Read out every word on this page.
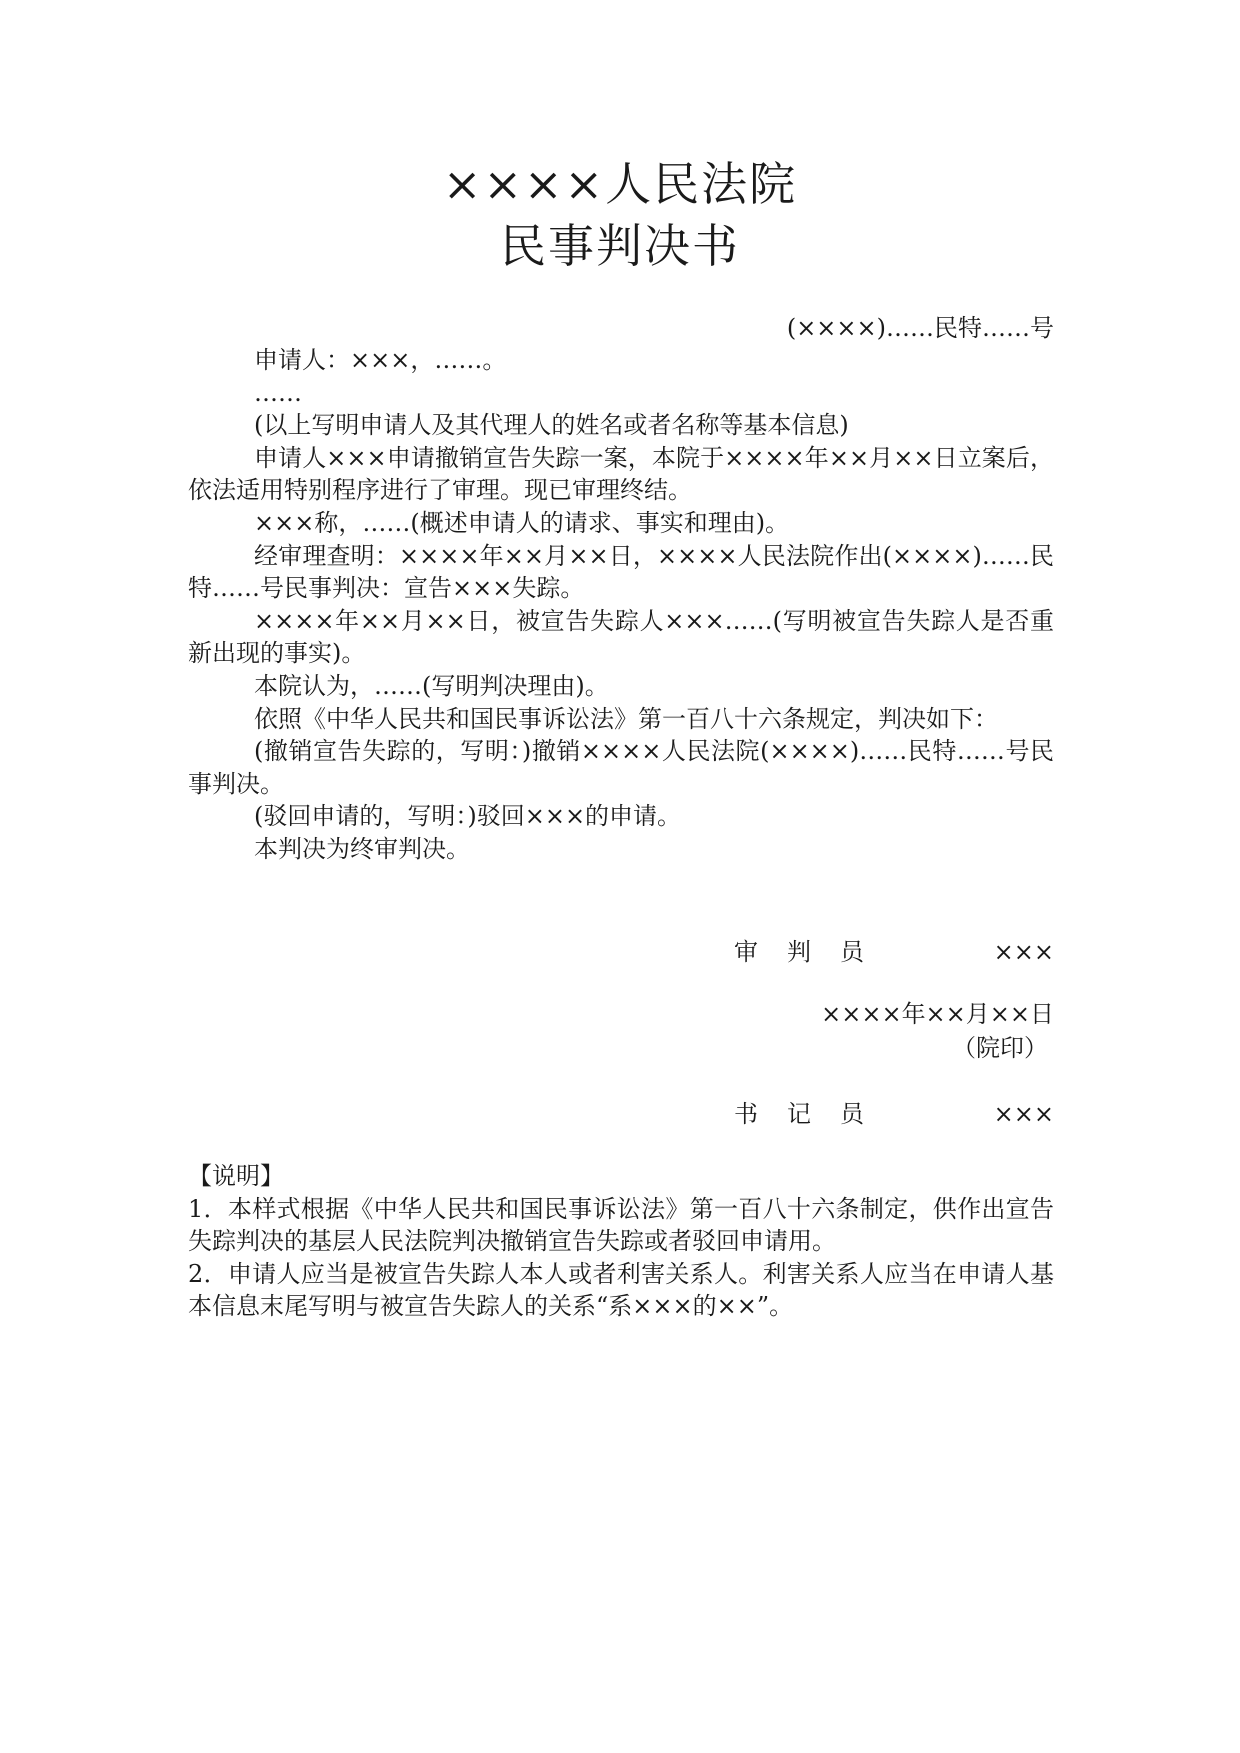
××××人民法院
民事判决书
(××××)……民特……号

申请人：×××，……。

……

(以上写明申请人及其代理人的姓名或者名称等基本信息)

申请人×××申请撤销宣告失踪一案，本院于××××年××月××日立案后，依法适用特别程序进行了审理。现已审理终结。

×××称，……(概述申请人的请求、事实和理由)。

经审理查明：××××年××月××日，××××人民法院作出(××××)……民特……号民事判决：宣告×××失踪。

××××年××月××日，被宣告失踪人×××……(写明被宣告失踪人是否重新出现的事实)。

本院认为，……(写明判决理由)。

依照《中华人民共和国民事诉讼法》第一百八十六条规定，判决如下：

(撤销宣告失踪的，写明：)撤销××××人民法院(××××)……民特……号民事判决。

(驳回申请的，写明：)驳回×××的申请。

本判决为终审判决。

审判员	×××
××××年××月××日
（院印）
书记员	×××

【说明】

1．本样式根据《中华人民共和国民事诉讼法》第一百八十六条制定，供作出宣告失踪判决的基层人民法院判决撤销宣告失踪或者驳回申请用。

2．申请人应当是被宣告失踪人本人或者利害关系人。利害关系人应当在申请人基本信息末尾写明与被宣告失踪人的关系“系×××的××”。
